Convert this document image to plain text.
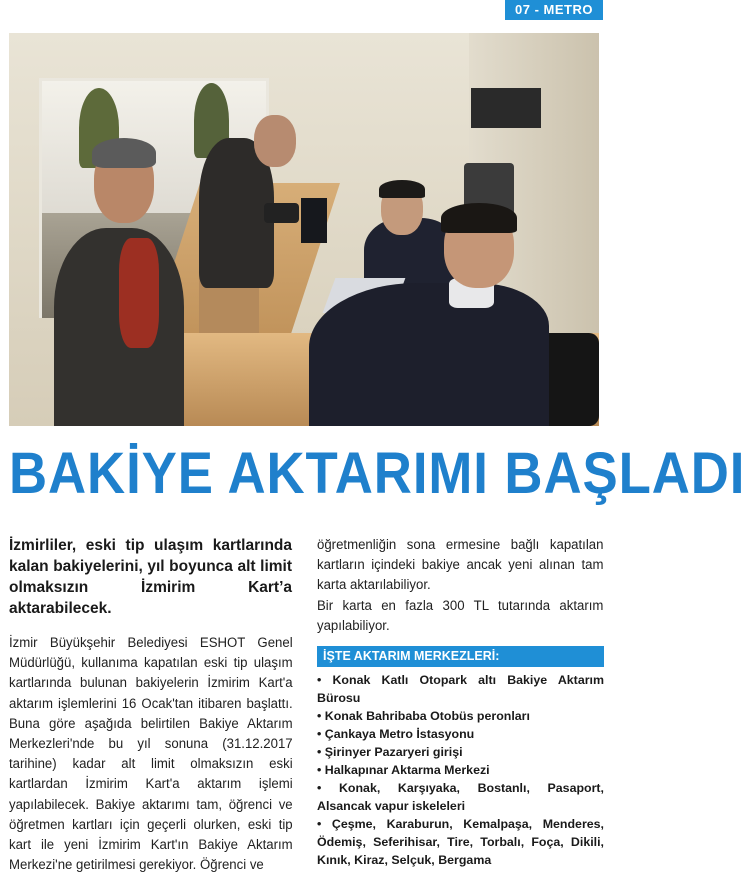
07 - METRO
BAKİYE AKTARIMI BAŞLADI

İzmirliler, eski tip ulaşım kartlarında kalan bakiyelerini, yıl boyunca alt limit olmaksızın İzmirim Kart’a aktarabilecek.

İzmir Büyükşehir Belediyesi ESHOT Genel Müdürlüğü, kullanıma kapatılan eski tip ulaşım kartlarında bulunan bakiyelerin İzmirim Kart'a aktarım işlemlerini 16 Ocak'tan itibaren başlattı. Buna göre aşağıda belirtilen Bakiye Aktarım Merkezleri'nde bu yıl sonuna (31.12.2017 tarihine) kadar alt limit olmaksızın eski kartlardan İzmirim Kart'a aktarım işlemi yapılabilecek. Bakiye aktarımı tam, öğrenci ve öğretmen kartları için geçerli olurken, eski tip kart ile yeni İzmirim Kart'ın Bakiye Aktarım Merkezi'ne getirilmesi gerekiyor. Öğrenci ve

öğretmenliğin sona ermesine bağlı kapatılan kartların içindeki bakiye ancak yeni alınan tam karta aktarılabiliyor.

Bir karta en fazla 300 TL tutarında aktarım yapılabiliyor.

İŞTE AKTARIM MERKEZLERİ:
• Konak Katlı Otopark altı Bakiye Aktarım Bürosu
• Konak Bahribaba Otobüs peronları
• Çankaya Metro İstasyonu
• Şirinyer Pazaryeri girişi
• Halkapınar Aktarma Merkezi
• Konak, Karşıyaka, Bostanlı, Pasaport, Alsancak vapur iskeleleri
• Çeşme, Karaburun, Kemalpaşa, Menderes, Ödemiş, Seferihisar, Tire, Torbalı, Foça, Dikili, Kınık, Kiraz, Selçuk, Bergama
